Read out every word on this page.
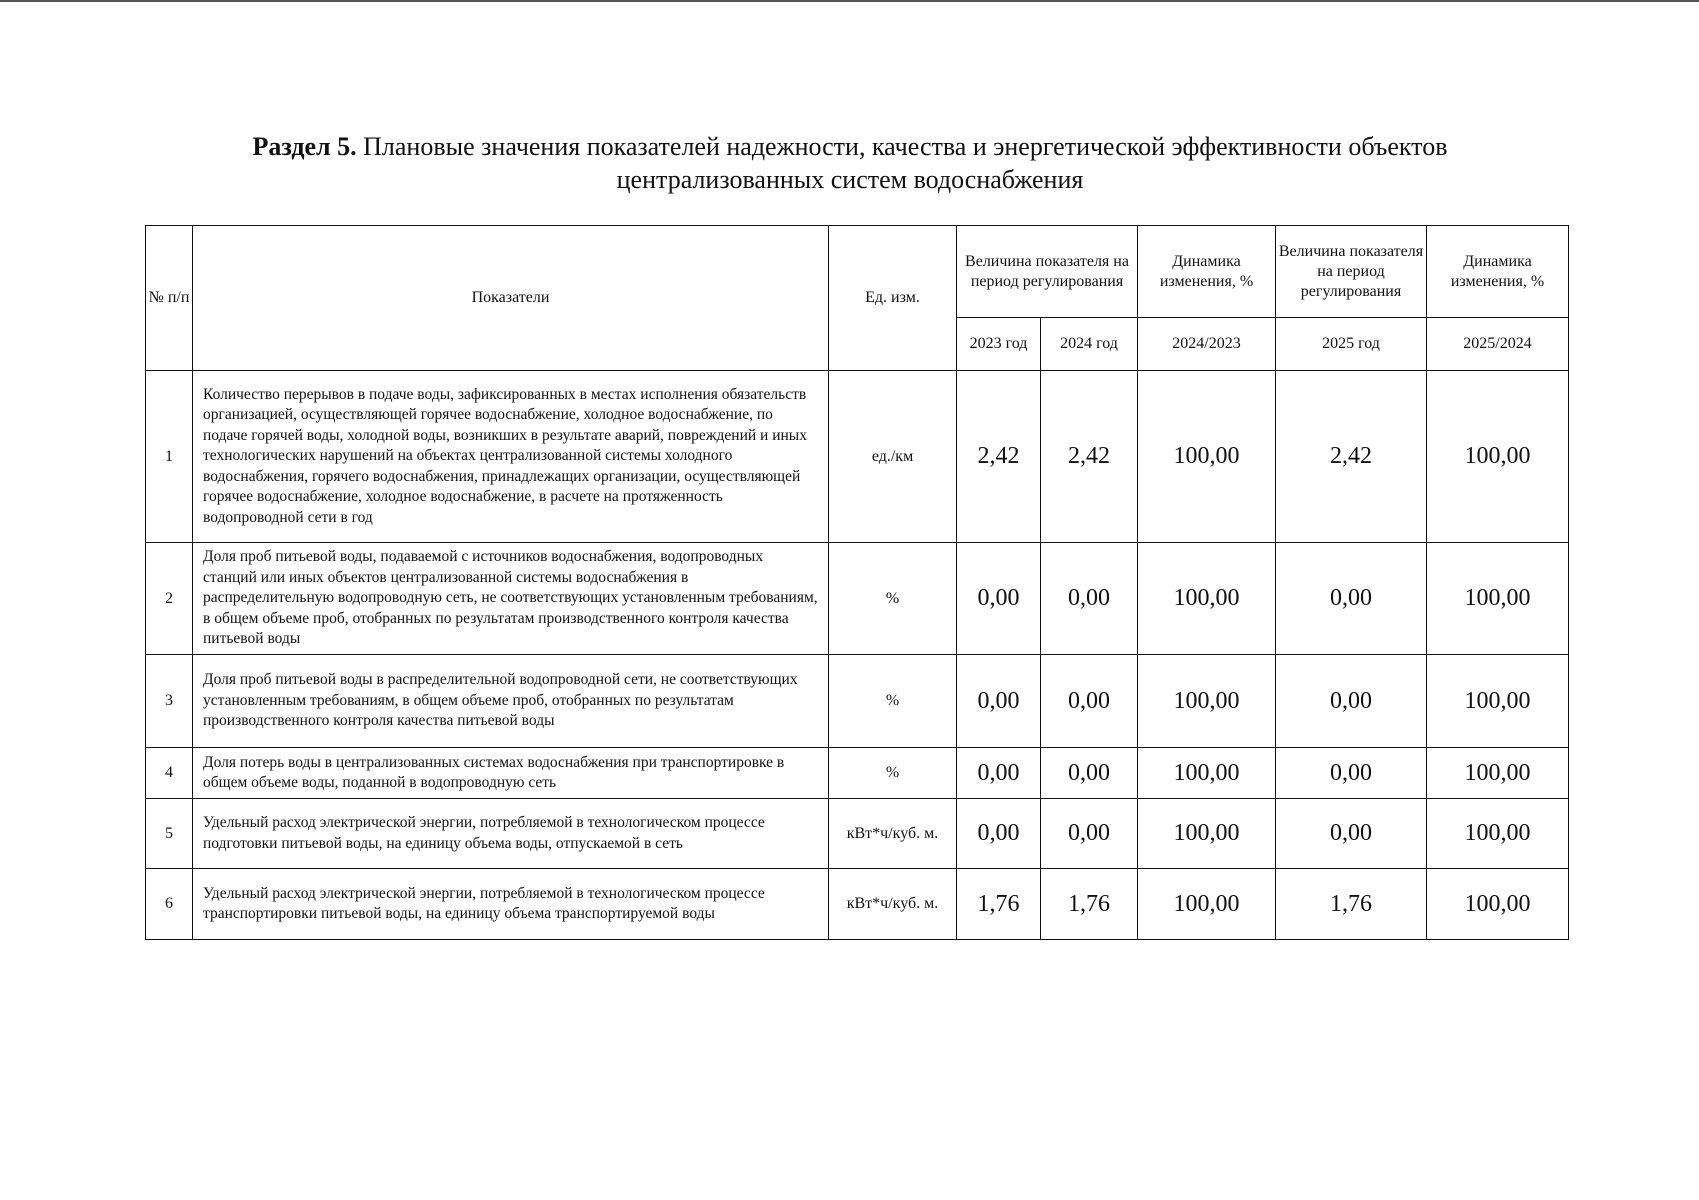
Раздел 5. Плановые значения показателей надежности, качества и энергетической эффективности объектов
централизованных систем водоснабжения
№ п/п	Показатели	Ед. изм.	Величина показателя на период регулирования		Динамика изменения, %	Величина показателя на период регулирования	Динамика изменения, %
			2023 год	2024 год	2024/2023	2025 год	2025/2024
1	Количество перерывов в подаче воды, зафиксированных в местах исполнения обязательств организацией, осуществляющей горячее водоснабжение, холодное водоснабжение, по подаче горячей воды, холодной воды, возникших в результате аварий, повреждений и иных технологических нарушений на объектах централизованной системы холодного водоснабжения, горячего водоснабжения, принадлежащих организации, осуществляющей горячее водоснабжение, холодное водоснабжение, в расчете на протяженность водопроводной сети в год	ед./км	2,42	2,42	100,00	2,42	100,00
2	Доля проб питьевой воды, подаваемой с источников водоснабжения, водопроводных станций или иных объектов централизованной системы водоснабжения в распределительную водопроводную сеть, не соответствующих установленным требованиям, в общем объеме проб, отобранных по результатам производственного контроля качества питьевой воды	%	0,00	0,00	100,00	0,00	100,00
3	Доля проб питьевой воды в распределительной водопроводной сети, не соответствующих установленным требованиям, в общем объеме проб, отобранных по результатам производственного контроля качества питьевой воды	%	0,00	0,00	100,00	0,00	100,00
4	Доля потерь воды в централизованных системах водоснабжения при транспортировке в общем объеме воды, поданной в водопроводную сеть	%	0,00	0,00	100,00	0,00	100,00
5	Удельный расход электрической энергии, потребляемой в технологическом процессе подготовки питьевой воды, на единицу объема воды, отпускаемой в сеть	кВт*ч/куб. м.	0,00	0,00	100,00	0,00	100,00
6	Удельный расход электрической энергии, потребляемой в технологическом процессе транспортировки питьевой воды, на единицу объема транспортируемой воды	кВт*ч/куб. м.	1,76	1,76	100,00	1,76	100,00
